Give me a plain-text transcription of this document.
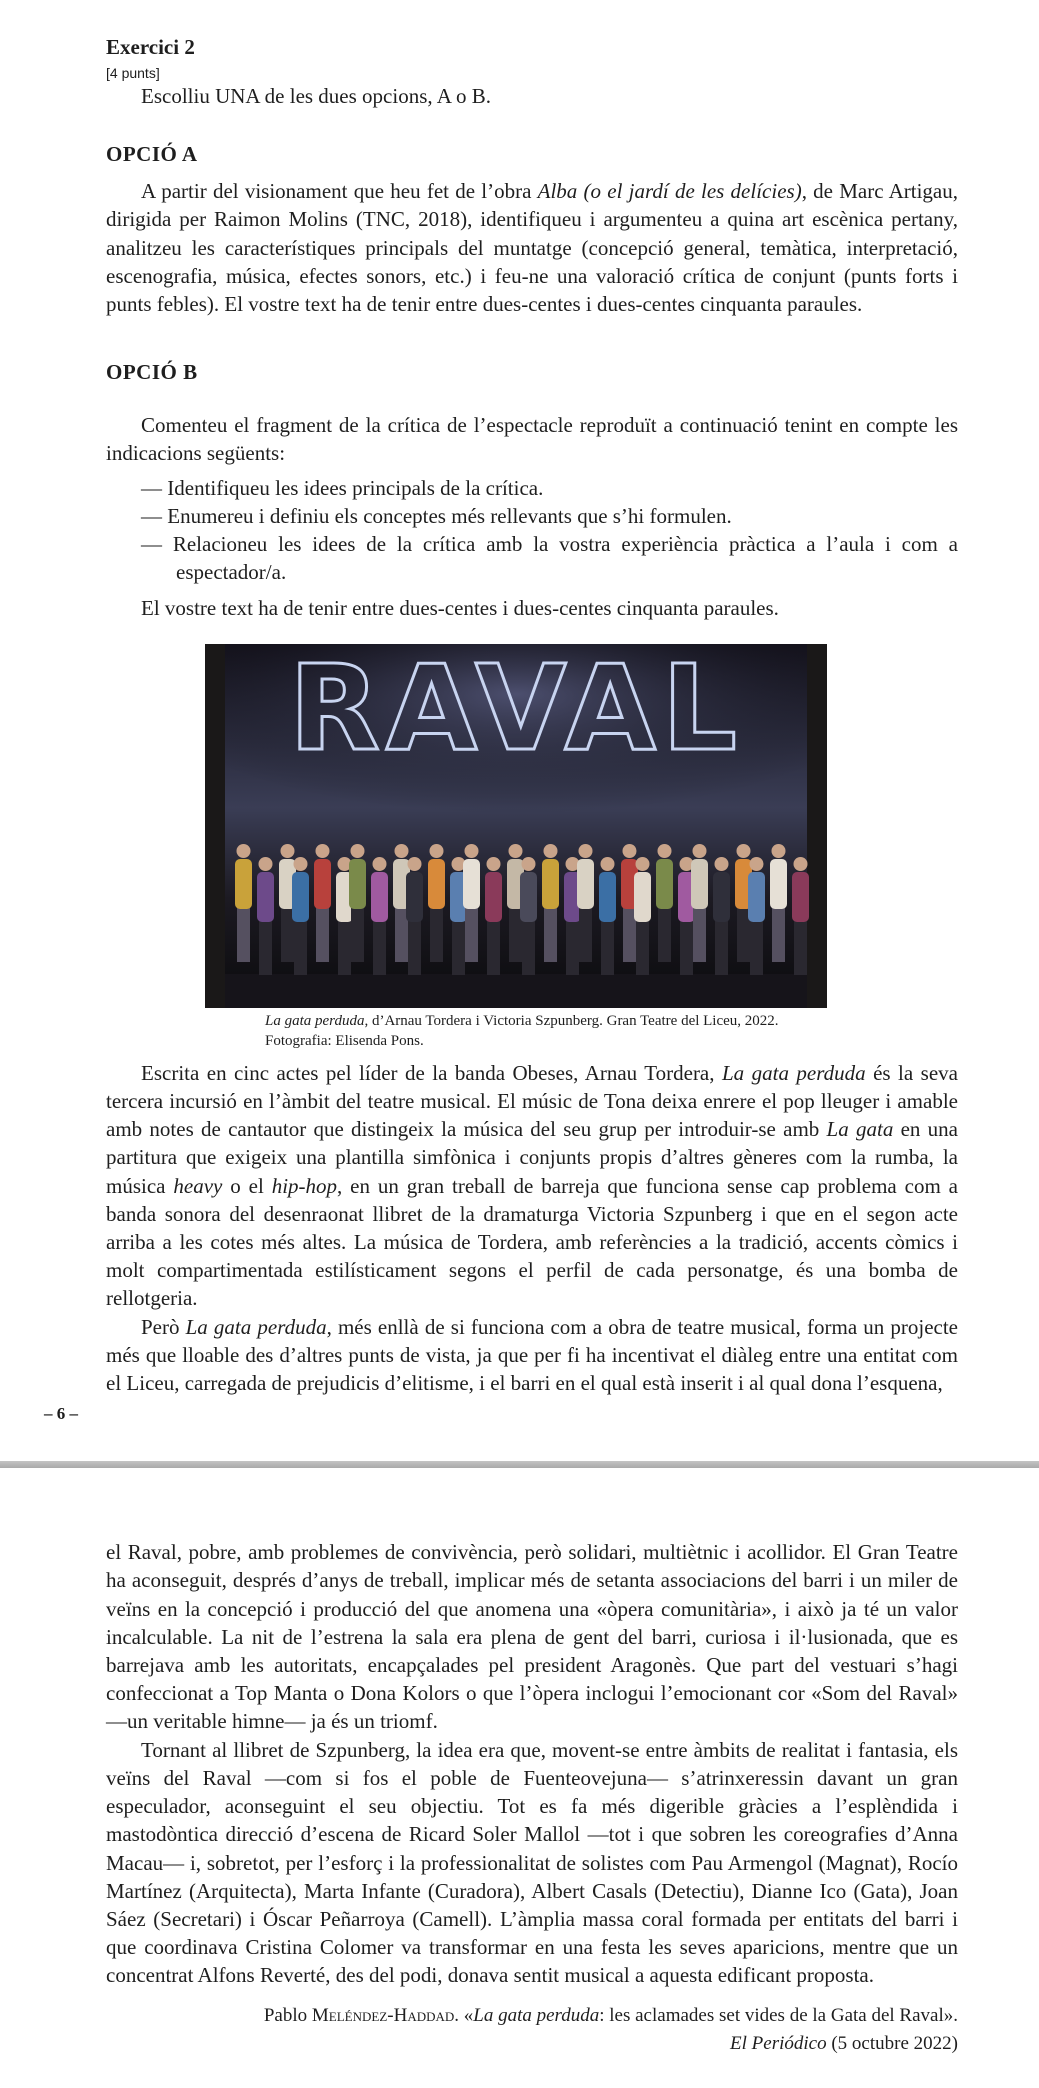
Exercici 2
[4 punts]
Escolliu UNA de les dues opcions, A o B.
OPCIÓ A
A partir del visionament que heu fet de l’obra Alba (o el jardí de les delícies), de Marc Artigau, dirigida per Raimon Molins (TNC, 2018), identifiqueu i argumenteu a quina art escènica pertany, analitzeu les característiques principals del muntatge (concepció general, temàtica, interpretació, escenografia, música, efectes sonors, etc.) i feu-ne una valoració crítica de conjunt (punts forts i punts febles). El vostre text ha de tenir entre dues-centes i dues-centes cinquanta paraules.
OPCIÓ B
Comenteu el fragment de la crítica de l’espectacle reproduït a continuació tenint en compte les indicacions següents:
— Identifiqueu les idees principals de la crítica.
— Enumereu i definiu els conceptes més rellevants que s’hi formulen.
— Relacioneu les idees de la crítica amb la vostra experiència pràctica a l’aula i com a espectador/a.
El vostre text ha de tenir entre dues-centes i dues-centes cinquanta paraules.
RAVAL
La gata perduda, d’Arnau Tordera i Victoria Szpunberg. Gran Teatre del Liceu, 2022.
Fotografia: Elisenda Pons.
Escrita en cinc actes pel líder de la banda Obeses, Arnau Tordera, La gata perduda és la seva tercera incursió en l’àmbit del teatre musical. El músic de Tona deixa enrere el pop lleuger i amable amb notes de cantautor que distingeix la música del seu grup per introduir-se amb La gata en una partitura que exigeix una plantilla simfònica i conjunts propis d’altres gèneres com la rumba, la música heavy o el hip-hop, en un gran treball de barreja que funciona sense cap problema com a banda sonora del desenraonat llibret de la dramaturga Victoria Szpunberg i que en el segon acte arriba a les cotes més altes. La música de Tordera, amb referències a la tradició, accents còmics i molt compartimentada estilísticament segons el perfil de cada personatge, és una bomba de rellotgeria.
Però La gata perduda, més enllà de si funciona com a obra de teatre musical, forma un projecte més que lloable des d’altres punts de vista, ja que per fi ha incentivat el diàleg entre una entitat com el Liceu, carregada de prejudicis d’elitisme, i el barri en el qual està inserit i al qual dona l’esquena,
– 6 –
el Raval, pobre, amb problemes de convivència, però solidari, multiètnic i acollidor. El Gran Teatre ha aconseguit, després d’anys de treball, implicar més de setanta associacions del barri i un miler de veïns en la concepció i producció del que anomena una «òpera comunitària», i això ja té un valor incalculable. La nit de l’estrena la sala era plena de gent del barri, curiosa i il·lusionada, que es barrejava amb les autoritats, encapçalades pel president Aragonès. Que part del vestuari s’hagi confeccionat a Top Manta o Dona Kolors o que l’òpera inclogui l’emocionant cor «Som del Raval» —un veritable himne— ja és un triomf.
Tornant al llibret de Szpunberg, la idea era que, movent-se entre àmbits de realitat i fantasia, els veïns del Raval —com si fos el poble de Fuenteovejuna— s’atrinxeressin davant un gran especulador, aconseguint el seu objectiu. Tot es fa més digerible gràcies a l’esplèndida i mastodòntica direcció d’escena de Ricard Soler Mallol —tot i que sobren les coreografies d’Anna Macau— i, sobretot, per l’esforç i la professionalitat de solistes com Pau Armengol (Magnat), Rocío Martínez (Arquitecta), Marta Infante (Curadora), Albert Casals (Detectiu), Dianne Ico (Gata), Joan Sáez (Secretari) i Óscar Peñarroya (Camell). L’àmplia massa coral formada per entitats del barri i que coordinava Cristina Colomer va transformar en una festa les seves aparicions, mentre que un concentrat Alfons Reverté, des del podi, donava sentit musical a aquesta edificant proposta.
Pablo Meléndez-Haddad. «La gata perduda: les aclamades set vides de la Gata del Raval».
El Periódico (5 octubre 2022)
